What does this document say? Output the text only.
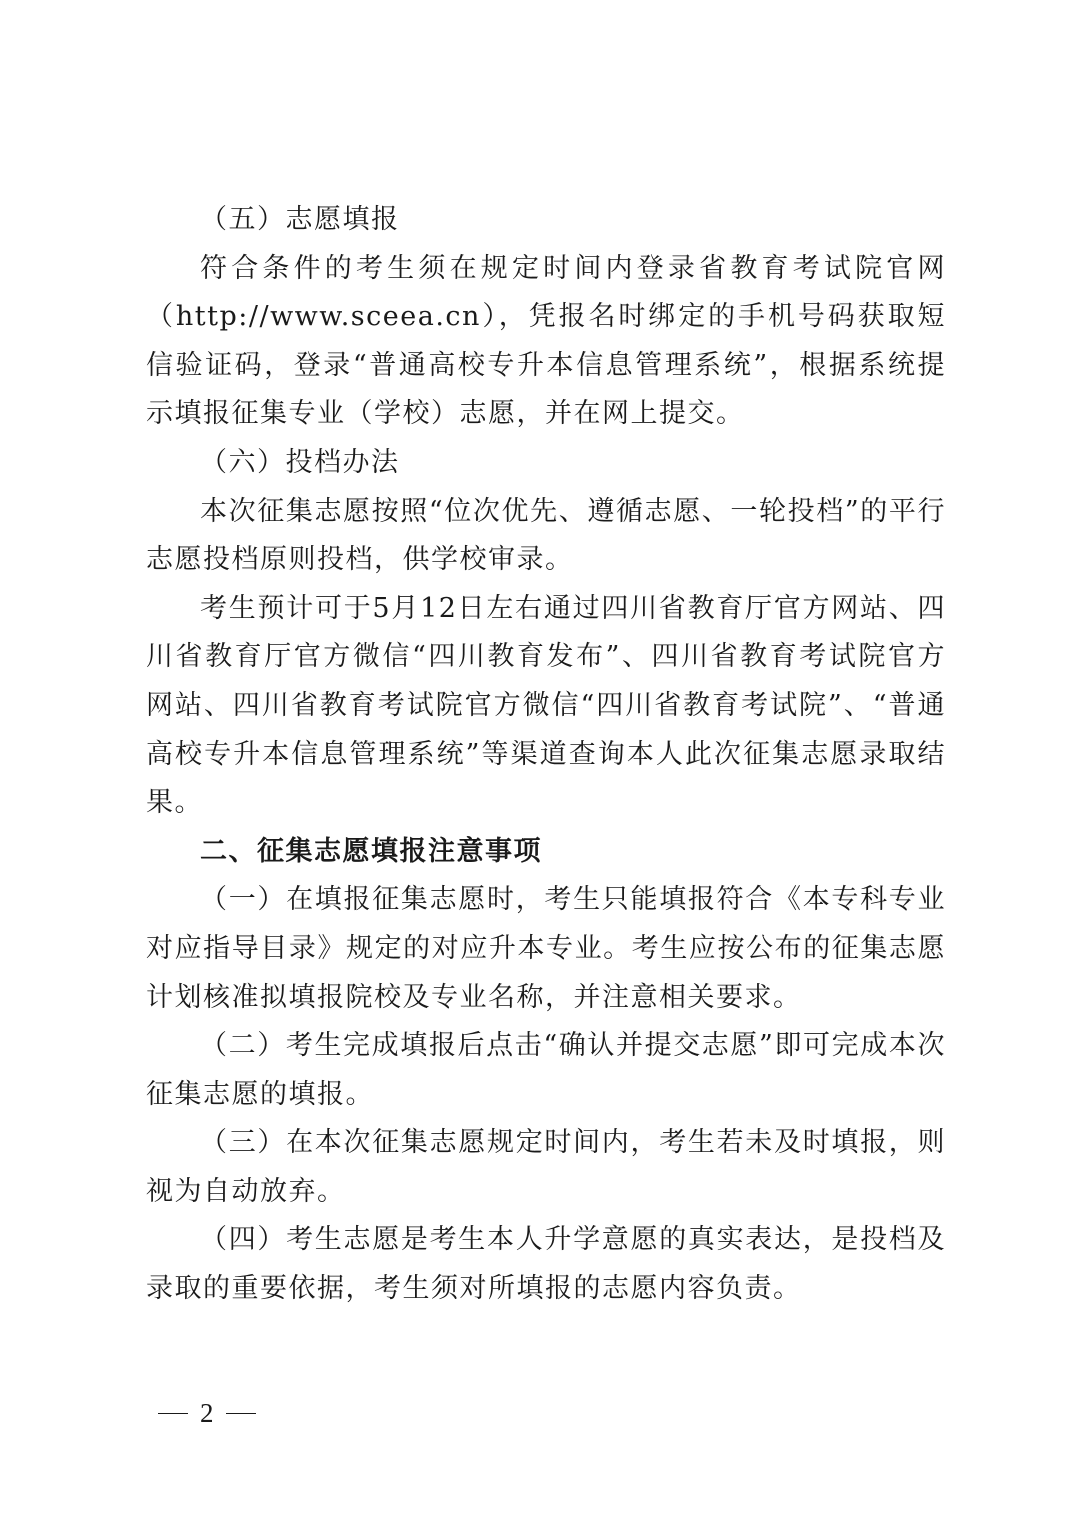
（五）志愿填报

符合条件的考生须在规定时间内登录省教育考试院官网（http://www.sceea.cn），凭报名时绑定的手机号码获取短信验证码，登录“普通高校专升本信息管理系统”，根据系统提示填报征集专业（学校）志愿，并在网上提交。

（六）投档办法

本次征集志愿按照“位次优先、遵循志愿、一轮投档”的平行志愿投档原则投档，供学校审录。

考生预计可于5月12日左右通过四川省教育厅官方网站、四川省教育厅官方微信“四川教育发布”、四川省教育考试院官方网站、四川省教育考试院官方微信“四川省教育考试院”、“普通高校专升本信息管理系统”等渠道查询本人此次征集志愿录取结果。

二、征集志愿填报注意事项

（一）在填报征集志愿时，考生只能填报符合《本专科专业对应指导目录》规定的对应升本专业。考生应按公布的征集志愿计划核准拟填报院校及专业名称，并注意相关要求。

（二）考生完成填报后点击“确认并提交志愿”即可完成本次征集志愿的填报。

（三）在本次征集志愿规定时间内，考生若未及时填报，则视为自动放弃。

（四）考生志愿是考生本人升学意愿的真实表达，是投档及录取的重要依据，考生须对所填报的志愿内容负责。

2
